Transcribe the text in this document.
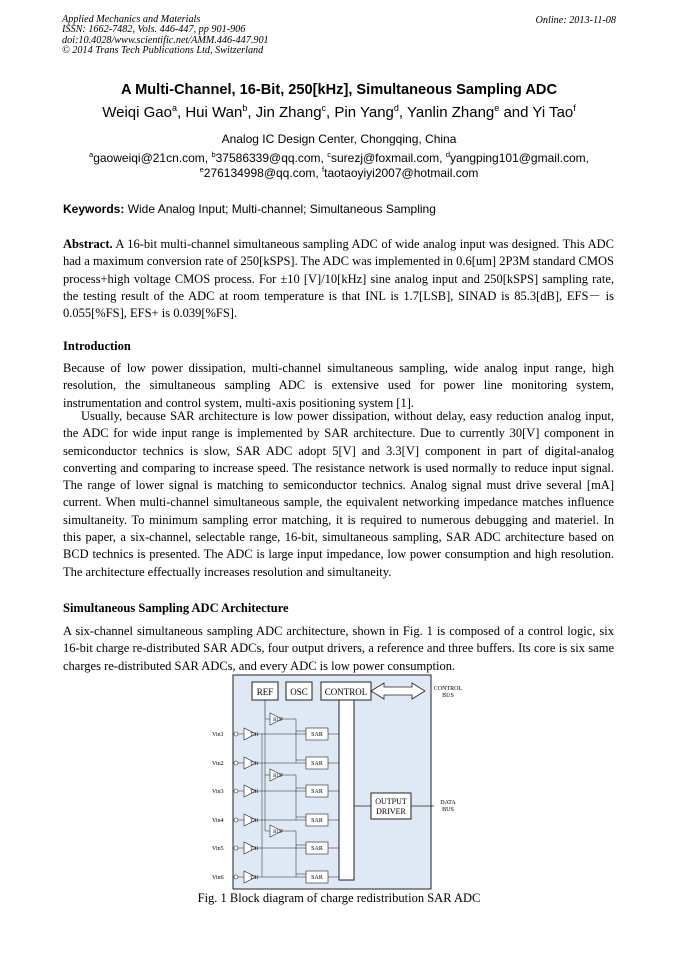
Applied Mechanics and Materials
ISSN: 1662-7482, Vols. 446-447, pp 901-906
doi:10.4028/www.scientific.net/AMM.446-447.901
© 2014 Trans Tech Publications Ltd, Switzerland
Online: 2013-11-08
A Multi-Channel, 16-Bit, 250[kHz], Simultaneous Sampling ADC
Weiqi Gao$^a$, Hui Wan$^b$, Jin Zhang$^c$, Pin Yang$^d$, Yanlin Zhang$^e$ and Yi Tao$^f$
Analog IC Design Center, Chongqing, China
$^a$gaoweiqi@21cn.com, $^b$37586339@qq.com, $^c$surezj@foxmail.com, $^d$yangping101@gmail.com,
$^e$276134998@qq.com, $^f$taotaoyiyi2007@hotmail.com
Keywords: Wide Analog Input; Multi-channel; Simultaneous Sampling
Abstract. A 16-bit multi-channel simultaneous sampling ADC of wide analog input was designed. This ADC had a maximum conversion rate of 250[kSPS]. The ADC was implemented in 0.6[um] 2P3M standard CMOS process+high voltage CMOS process. For ±10 [V]/10[kHz] sine analog input and 250[kSPS] sampling rate, the testing result of the ADC at room temperature is that INL is 1.7[LSB], SINAD is 85.3[dB], EFS－ is 0.055[%FS], EFS+ is 0.039[%FS].
Introduction
Because of low power dissipation, multi-channel simultaneous sampling, wide analog input range, high resolution, the simultaneous sampling ADC is extensive used for power line monitoring system, instrumentation and control system, multi-axis positioning system [1].
Usually, because SAR architecture is low power dissipation, without delay, easy reduction analog input, the ADC for wide input range is implemented by SAR architecture. Due to currently 30[V] component in semiconductor technics is slow, SAR ADC adopt 5[V] and 3.3[V] component in part of digital-analog converting and comparing to increase speed. The resistance network is used normally to reduce input signal. The range of lower signal is matching to semiconductor technics. Analog signal must drive several [mA] current. When multi-channel simultaneous sample, the equivalent networking impedance matches influence simultaneity. To minimum sampling error matching, it is required to numerous debugging and materiel. In this paper, a six-channel, selectable range, 16-bit, simultaneous sampling, SAR ADC architecture based on BCD technics is presented. The ADC is large input impedance, low power consumption and high resolution. The architecture effectually increases resolution and simultaneity.
Simultaneous Sampling ADC Architecture
A six-channel simultaneous sampling ADC architecture, shown in Fig. 1 is composed of a control logic, six 16-bit charge re-distributed SAR ADCs, four output drivers, a reference and three buffers. Its core is six same charges re-distributed SAR ADCs, and every ADC is low power consumption.
REF OSC CONTROL	CONTROL
BUS
OUTPUT
DRIVER
DATA
BUS
BUF
BUF
BUF
Vin1	T/H	SAR
Vin2	T/H	SAR
Vin3	T/H	SAR
Vin4	T/H	SAR
Vin5	T/H	SAR
Vin6	T/H	SAR
Fig. 1 Block diagram of charge redistribution SAR ADC
